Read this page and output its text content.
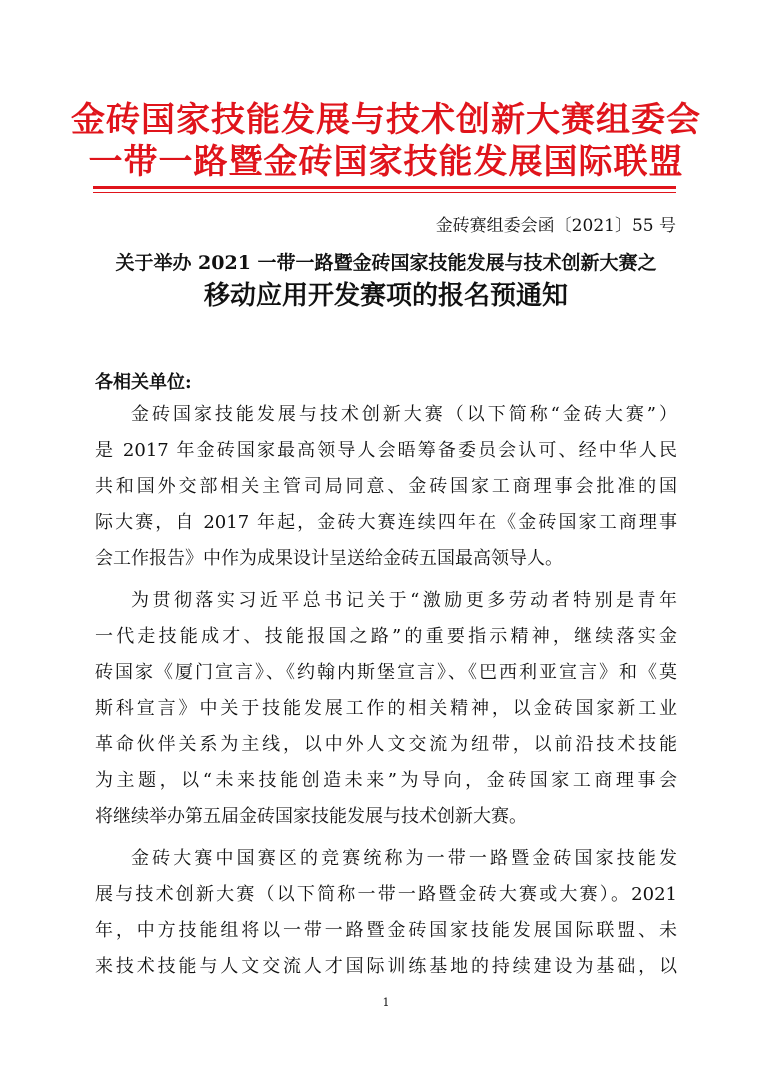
金砖国家技能发展与技术创新大赛组委会
一带一路暨金砖国家技能发展国际联盟
金砖赛组委会函〔2021〕55 号
关于举办 2021 一带一路暨金砖国家技能发展与技术创新大赛之
移动应用开发赛项的报名预通知
各相关单位:
金砖国家技能发展与技术创新大赛（以下简称“金砖大赛”）
是 2017 年金砖国家最高领导人会晤筹备委员会认可、经中华人民
共和国外交部相关主管司局同意、金砖国家工商理事会批准的国
际大赛，自 2017 年起，金砖大赛连续四年在《金砖国家工商理事
会工作报告》中作为成果设计呈送给金砖五国最高领导人。
为贯彻落实习近平总书记关于“激励更多劳动者特别是青年
一代走技能成才、技能报国之路”的重要指示精神，继续落实金
砖国家《厦门宣言》、《约翰内斯堡宣言》、《巴西利亚宣言》和《莫
斯科宣言》中关于技能发展工作的相关精神，以金砖国家新工业
革命伙伴关系为主线，以中外人文交流为纽带，以前沿技术技能
为主题，以“未来技能创造未来”为导向，金砖国家工商理事会
将继续举办第五届金砖国家技能发展与技术创新大赛。
金砖大赛中国赛区的竞赛统称为一带一路暨金砖国家技能发
展与技术创新大赛（以下简称一带一路暨金砖大赛或大赛）。2021
年，中方技能组将以一带一路暨金砖国家技能发展国际联盟、未
来技术技能与人文交流人才国际训练基地的持续建设为基础，以
1
